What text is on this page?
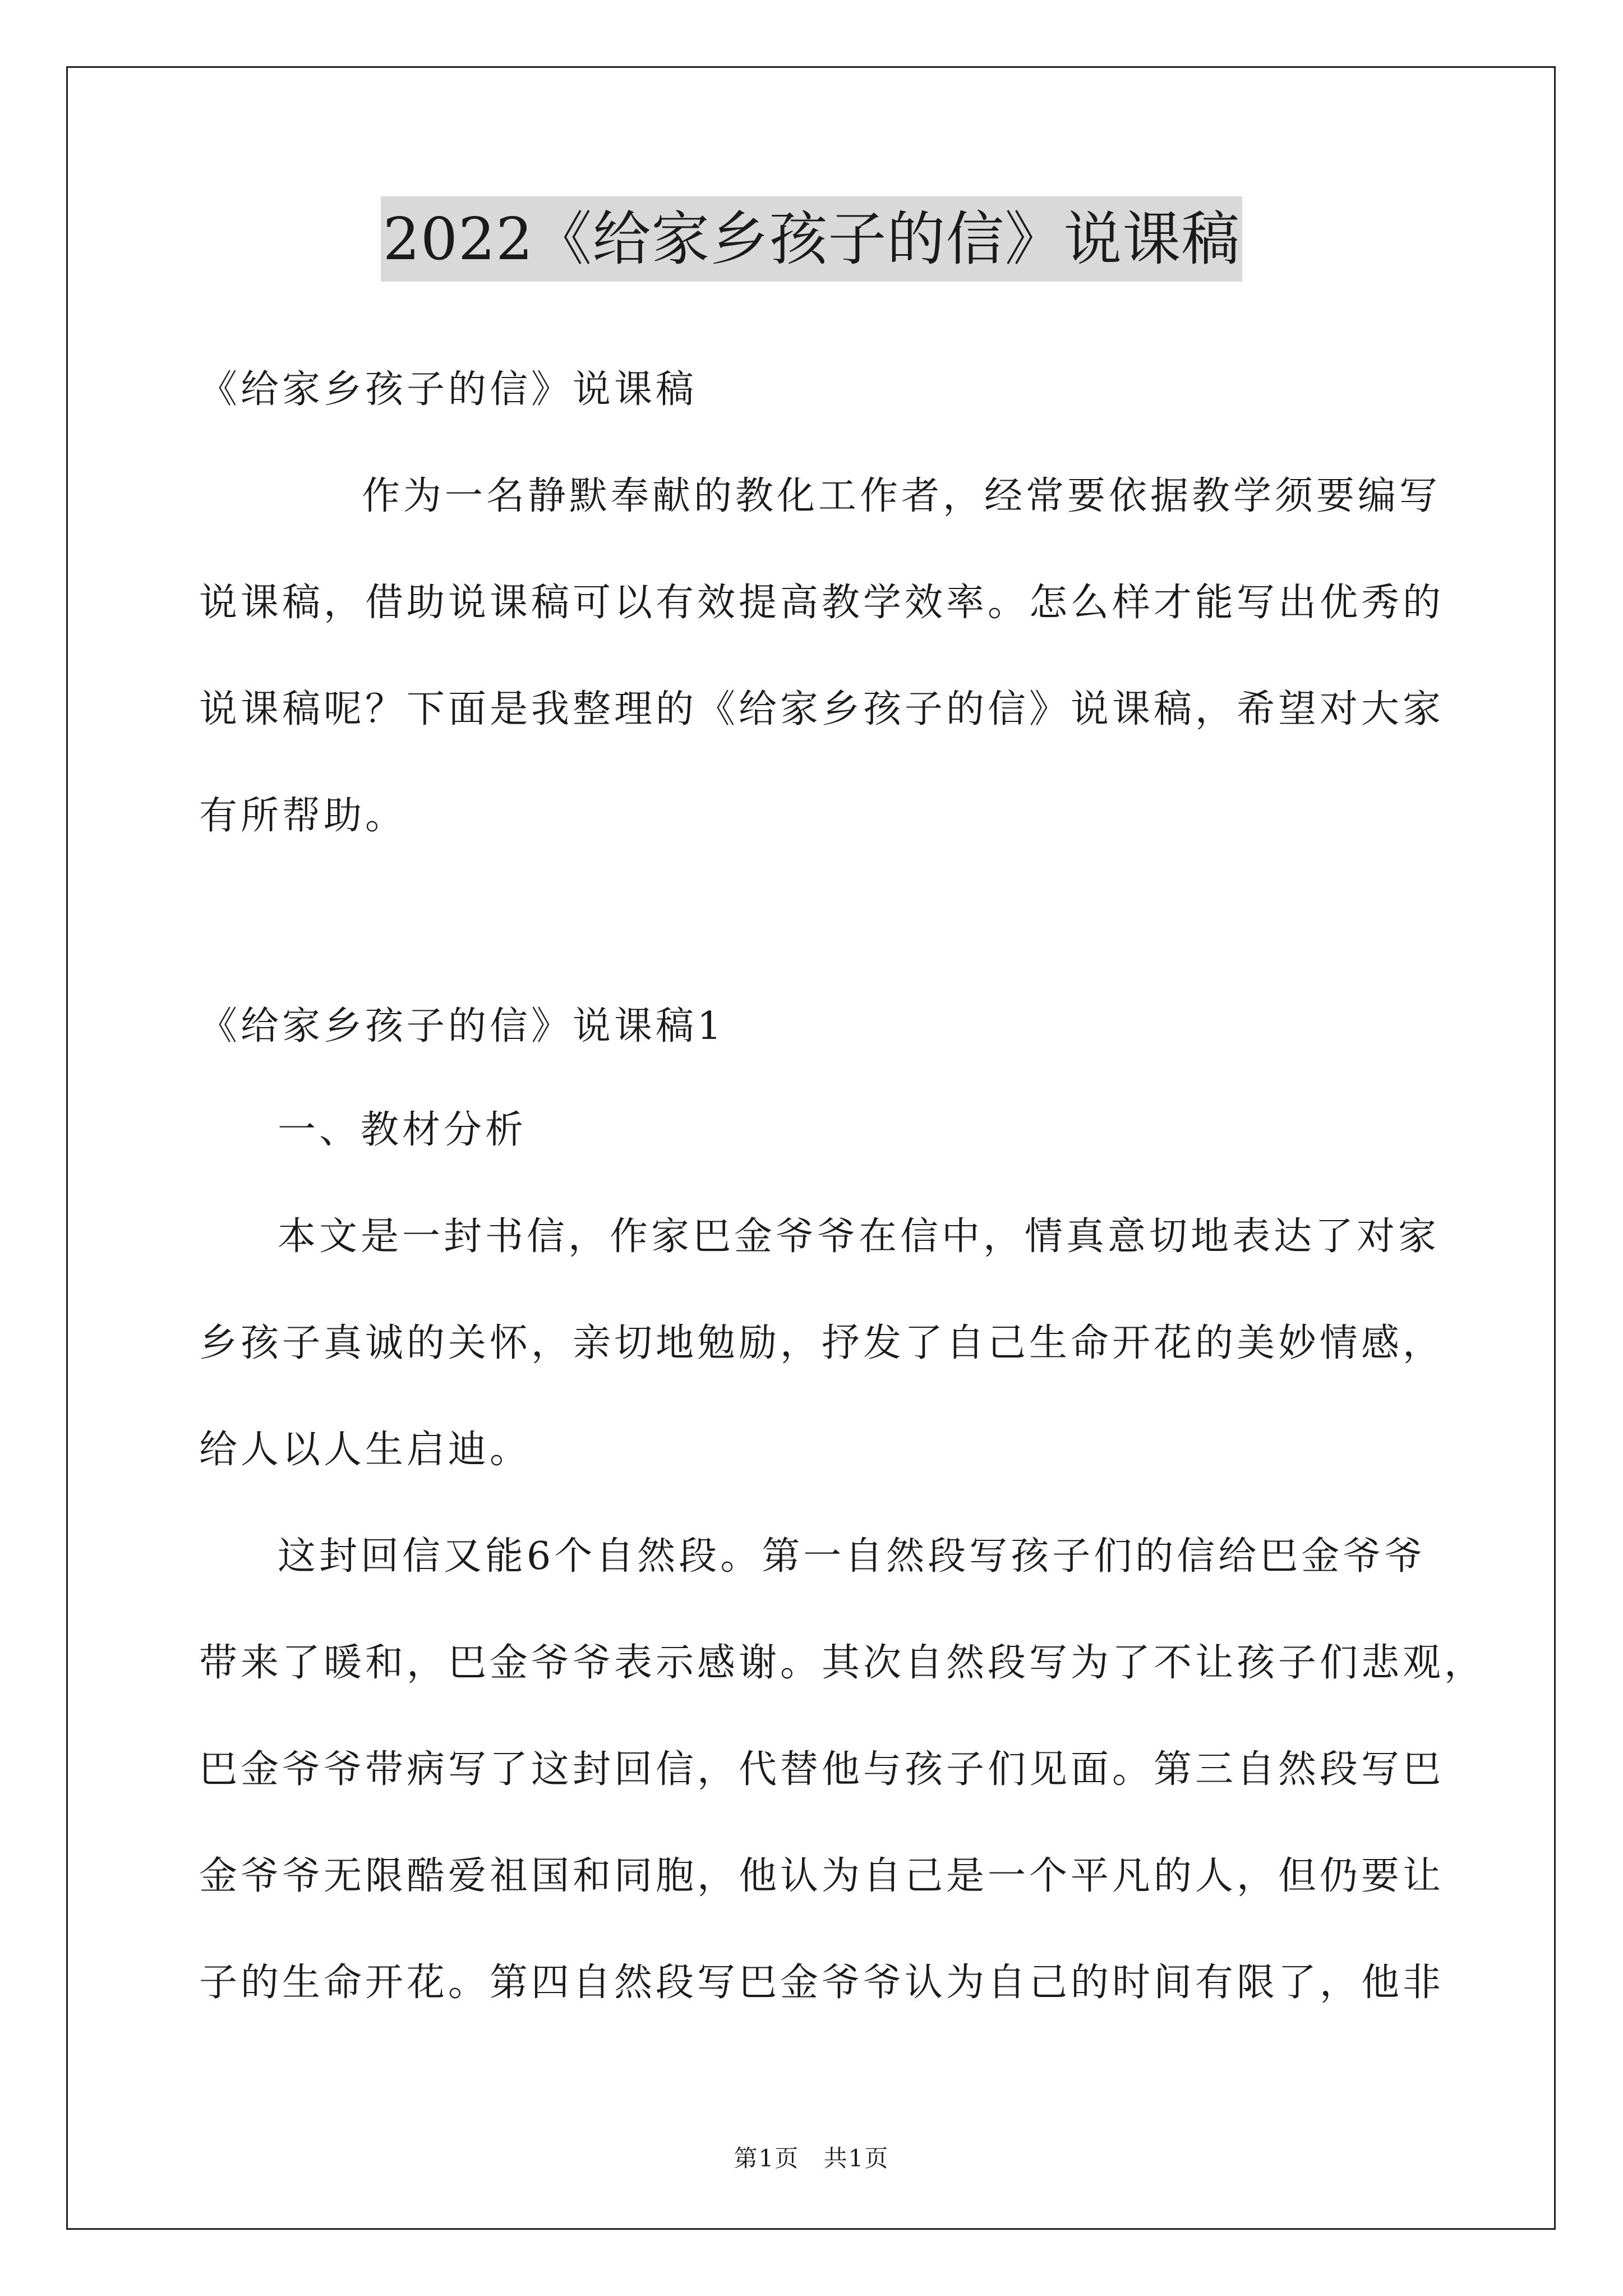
2022《给家乡孩子的信》说课稿
《给家乡孩子的信》说课稿
作为一名静默奉献的教化工作者，经常要依据教学须要编写
说课稿，借助说课稿可以有效提高教学效率。怎么样才能写出优秀的
说课稿呢？下面是我整理的《给家乡孩子的信》说课稿，希望对大家
有所帮助。
《给家乡孩子的信》说课稿1
一、教材分析
本文是一封书信，作家巴金爷爷在信中，情真意切地表达了对家
乡孩子真诚的关怀，亲切地勉励，抒发了自己生命开花的美妙情感，
给人以人生启迪。
这封回信又能6个自然段。第一自然段写孩子们的信给巴金爷爷
带来了暖和，巴金爷爷表示感谢。其次自然段写为了不让孩子们悲观，
巴金爷爷带病写了这封回信，代替他与孩子们见面。第三自然段写巴
金爷爷无限酷爱祖国和同胞，他认为自己是一个平凡的人，但仍要让
子的生命开花。第四自然段写巴金爷爷认为自己的时间有限了，他非
第1页 共1页
